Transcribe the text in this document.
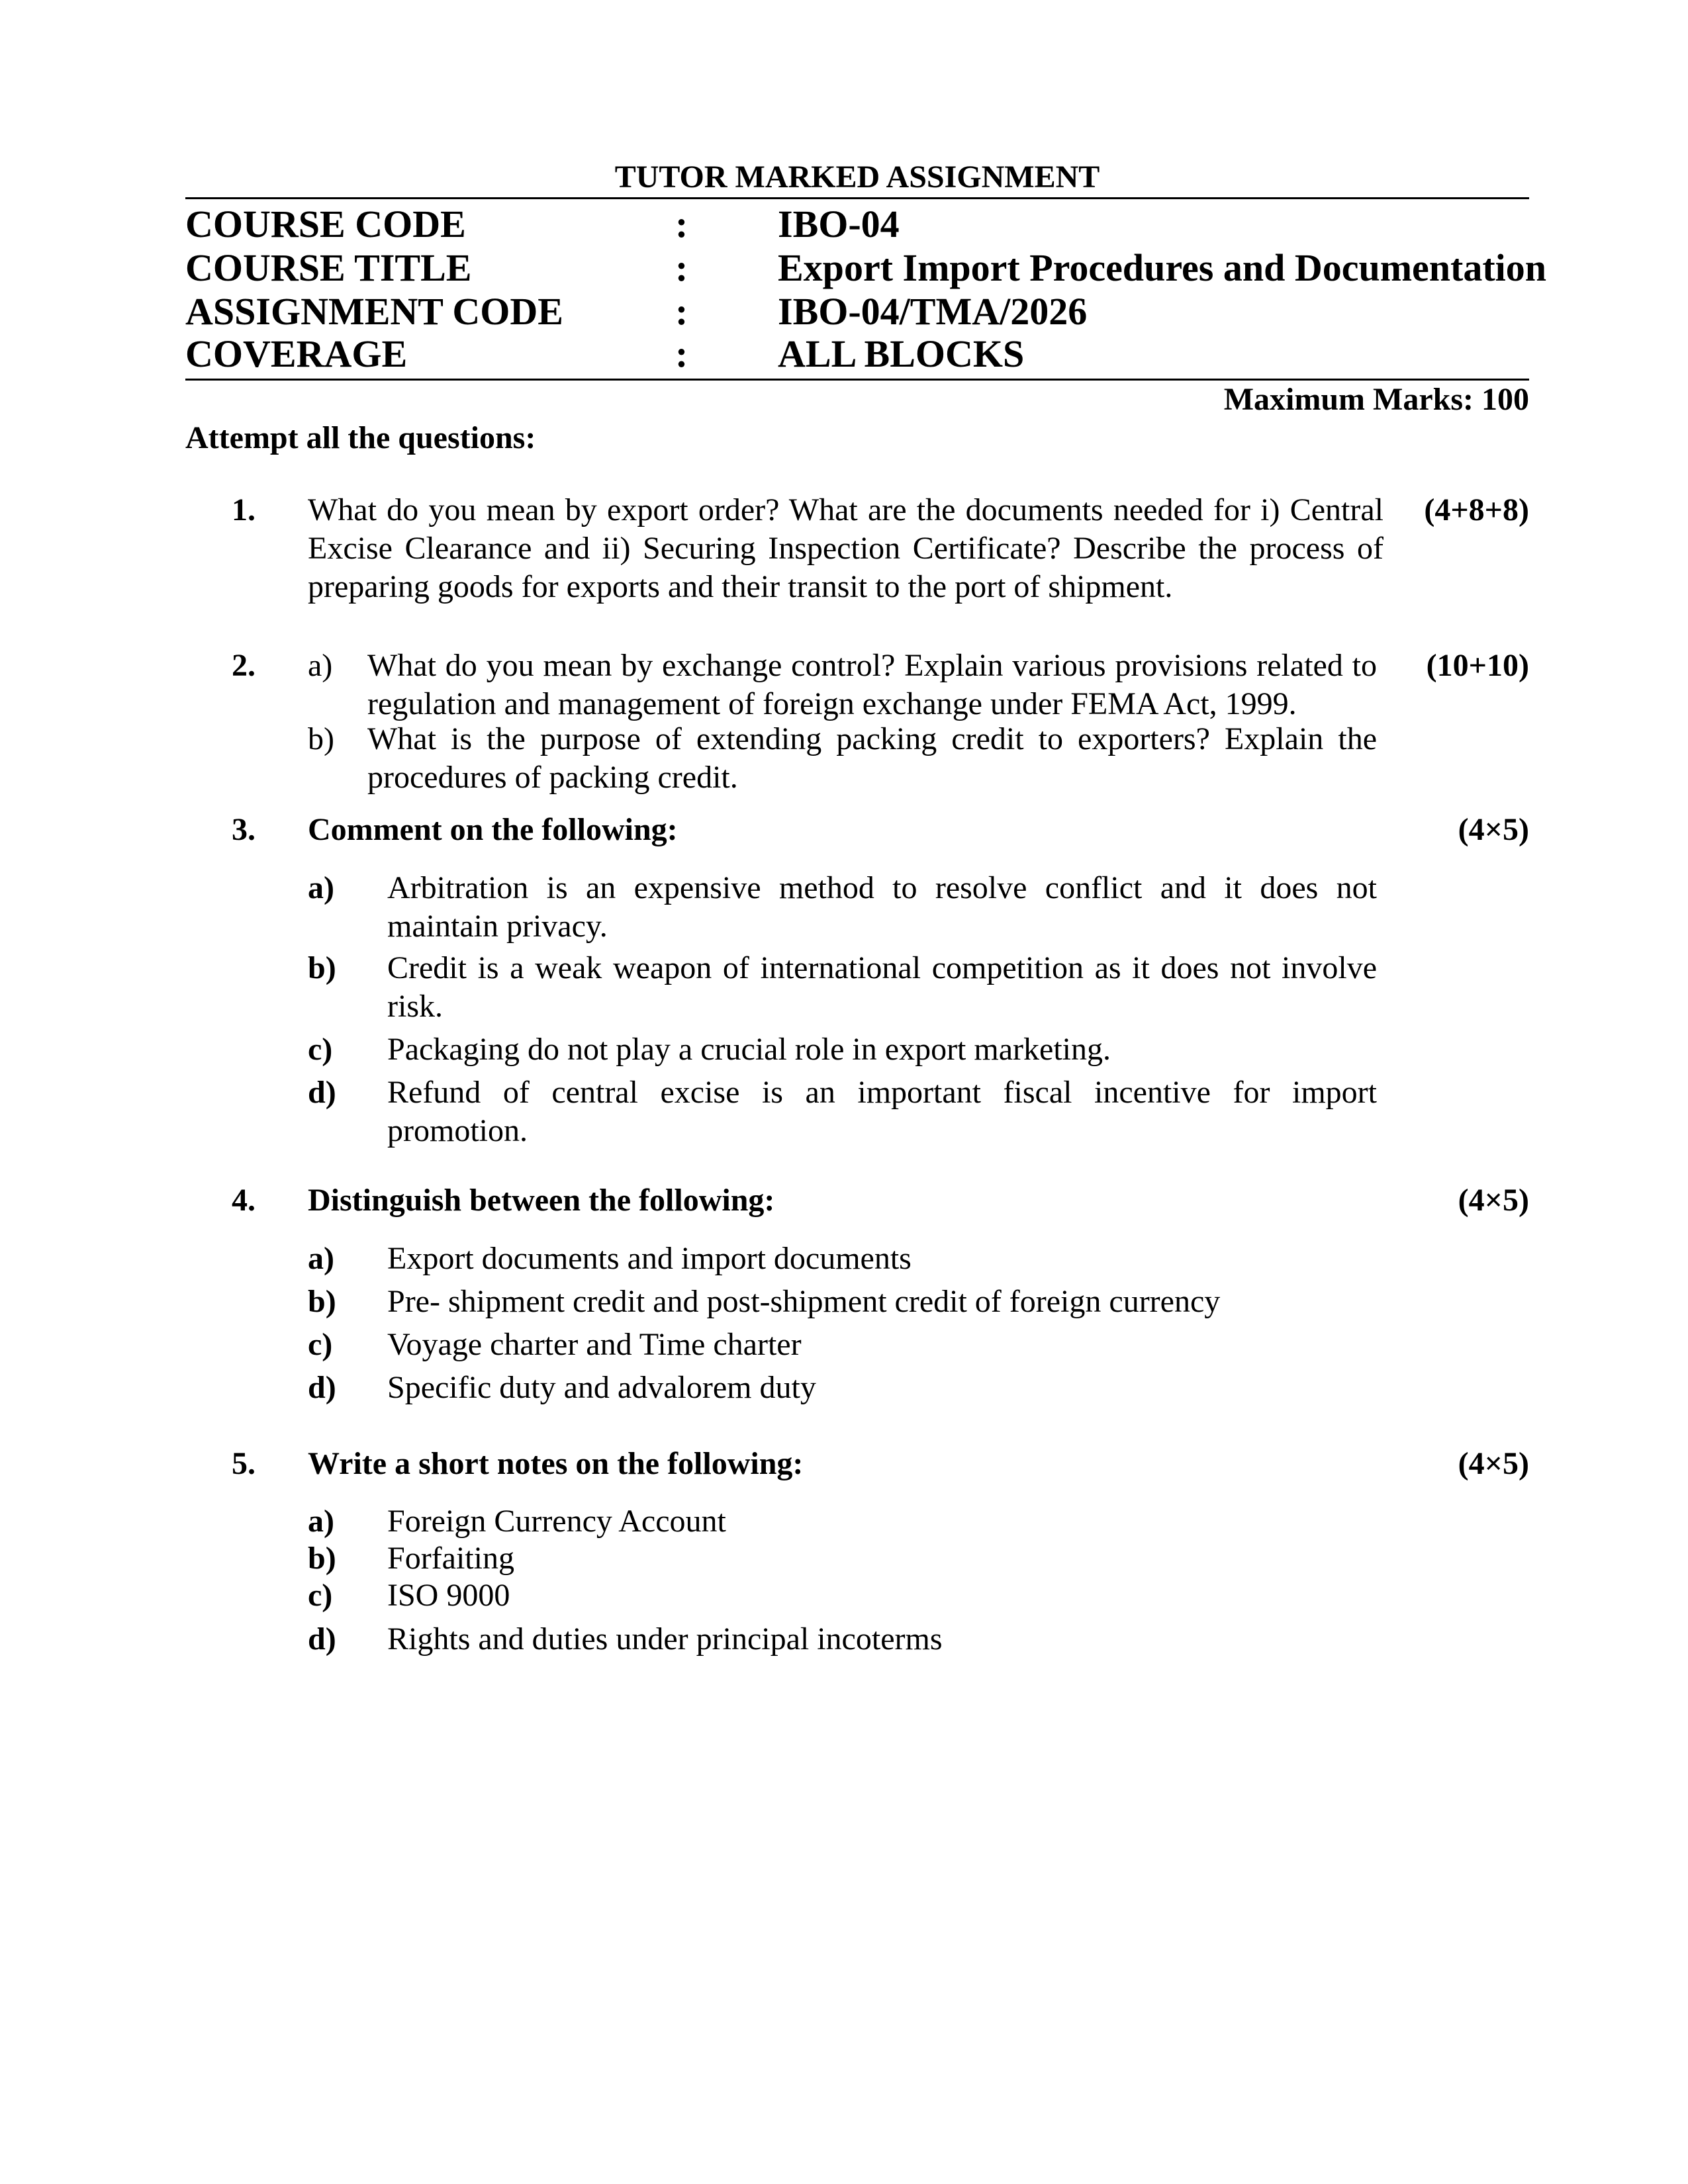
TUTOR MARKED ASSIGNMENT
COURSE CODE	: IBO-04
COURSE TITLE	: Export Import Procedures and Documentation
ASSIGNMENT CODE	: IBO-04/TMA/2026
COVERAGE	: ALL BLOCKS
Maximum Marks: 100
Attempt all the questions:
1. What do you mean by export order? What are the documents needed for i) Central Excise Clearance and ii) Securing Inspection Certificate? Describe the process of preparing goods for exports and their transit to the port of shipment.
(4+8+8)
2.	(10+10)
a) What do you mean by exchange control? Explain various provisions related to regulation and management of foreign exchange under FEMA Act, 1999.
b) What is the purpose of extending packing credit to exporters? Explain the procedures of packing credit.
3. Comment on the following:	(4×5)
a) Arbitration is an expensive method to resolve conflict and it does not maintain privacy.
b) Credit is a weak weapon of international competition as it does not involve risk.
c) Packaging do not play a crucial role in export marketing.
d) Refund of central excise is an important fiscal incentive for import promotion.
4. Distinguish between the following:	(4×5)
a) Export documents and import documents
b) Pre- shipment credit and post-shipment credit of foreign currency
c) Voyage charter and Time charter
d) Specific duty and advalorem duty
5. Write a short notes on the following:	(4×5)
a) Foreign Currency Account
b) Forfaiting
c) ISO 9000
d) Rights and duties under principal incoterms
